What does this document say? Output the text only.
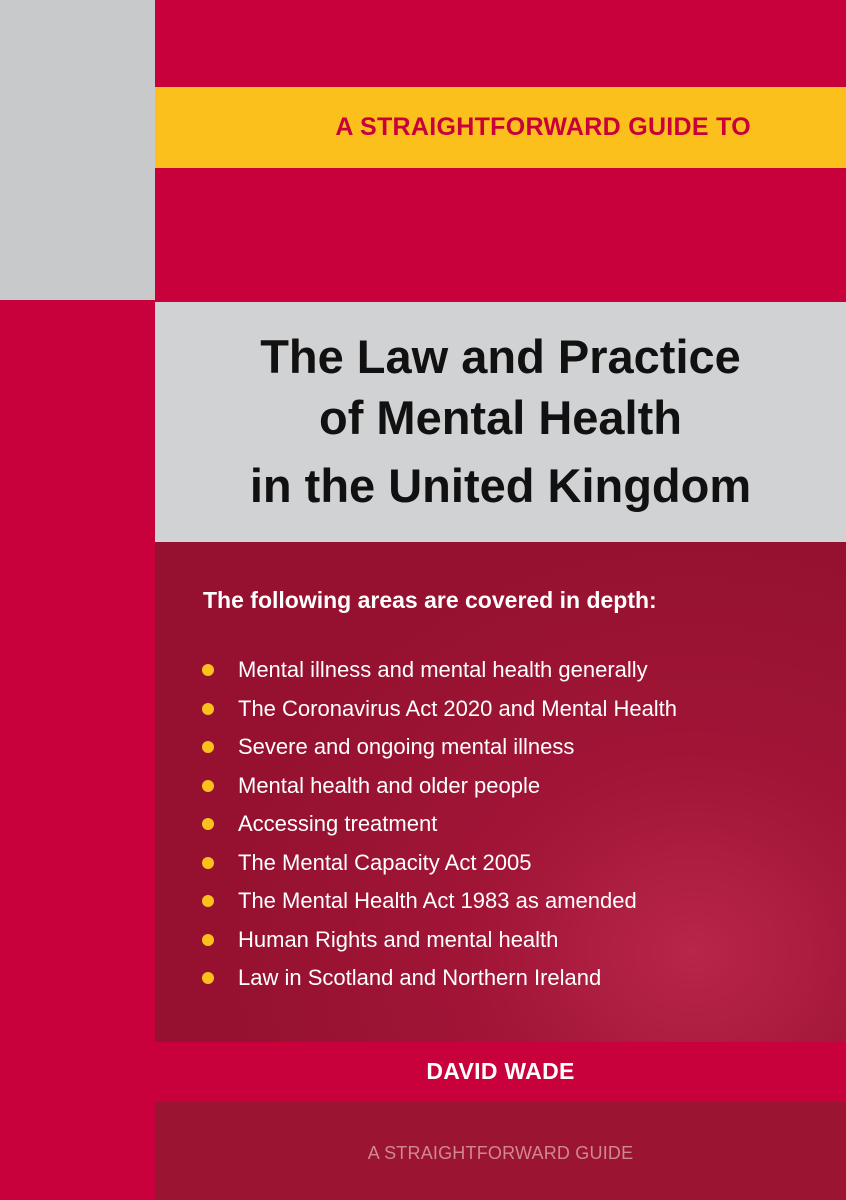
A STRAIGHTFORWARD GUIDE TO
The Law and Practice
of Mental Health
in the United Kingdom
The following areas are covered in depth:
Mental illness and mental health generally
The Coronavirus Act 2020 and Mental Health
Severe and ongoing mental illness
Mental health and older people
Accessing treatment
The Mental Capacity Act 2005
The Mental Health Act 1983 as amended
Human Rights and mental health
Law in Scotland and Northern Ireland
DAVID WADE
A STRAIGHTFORWARD GUIDE
